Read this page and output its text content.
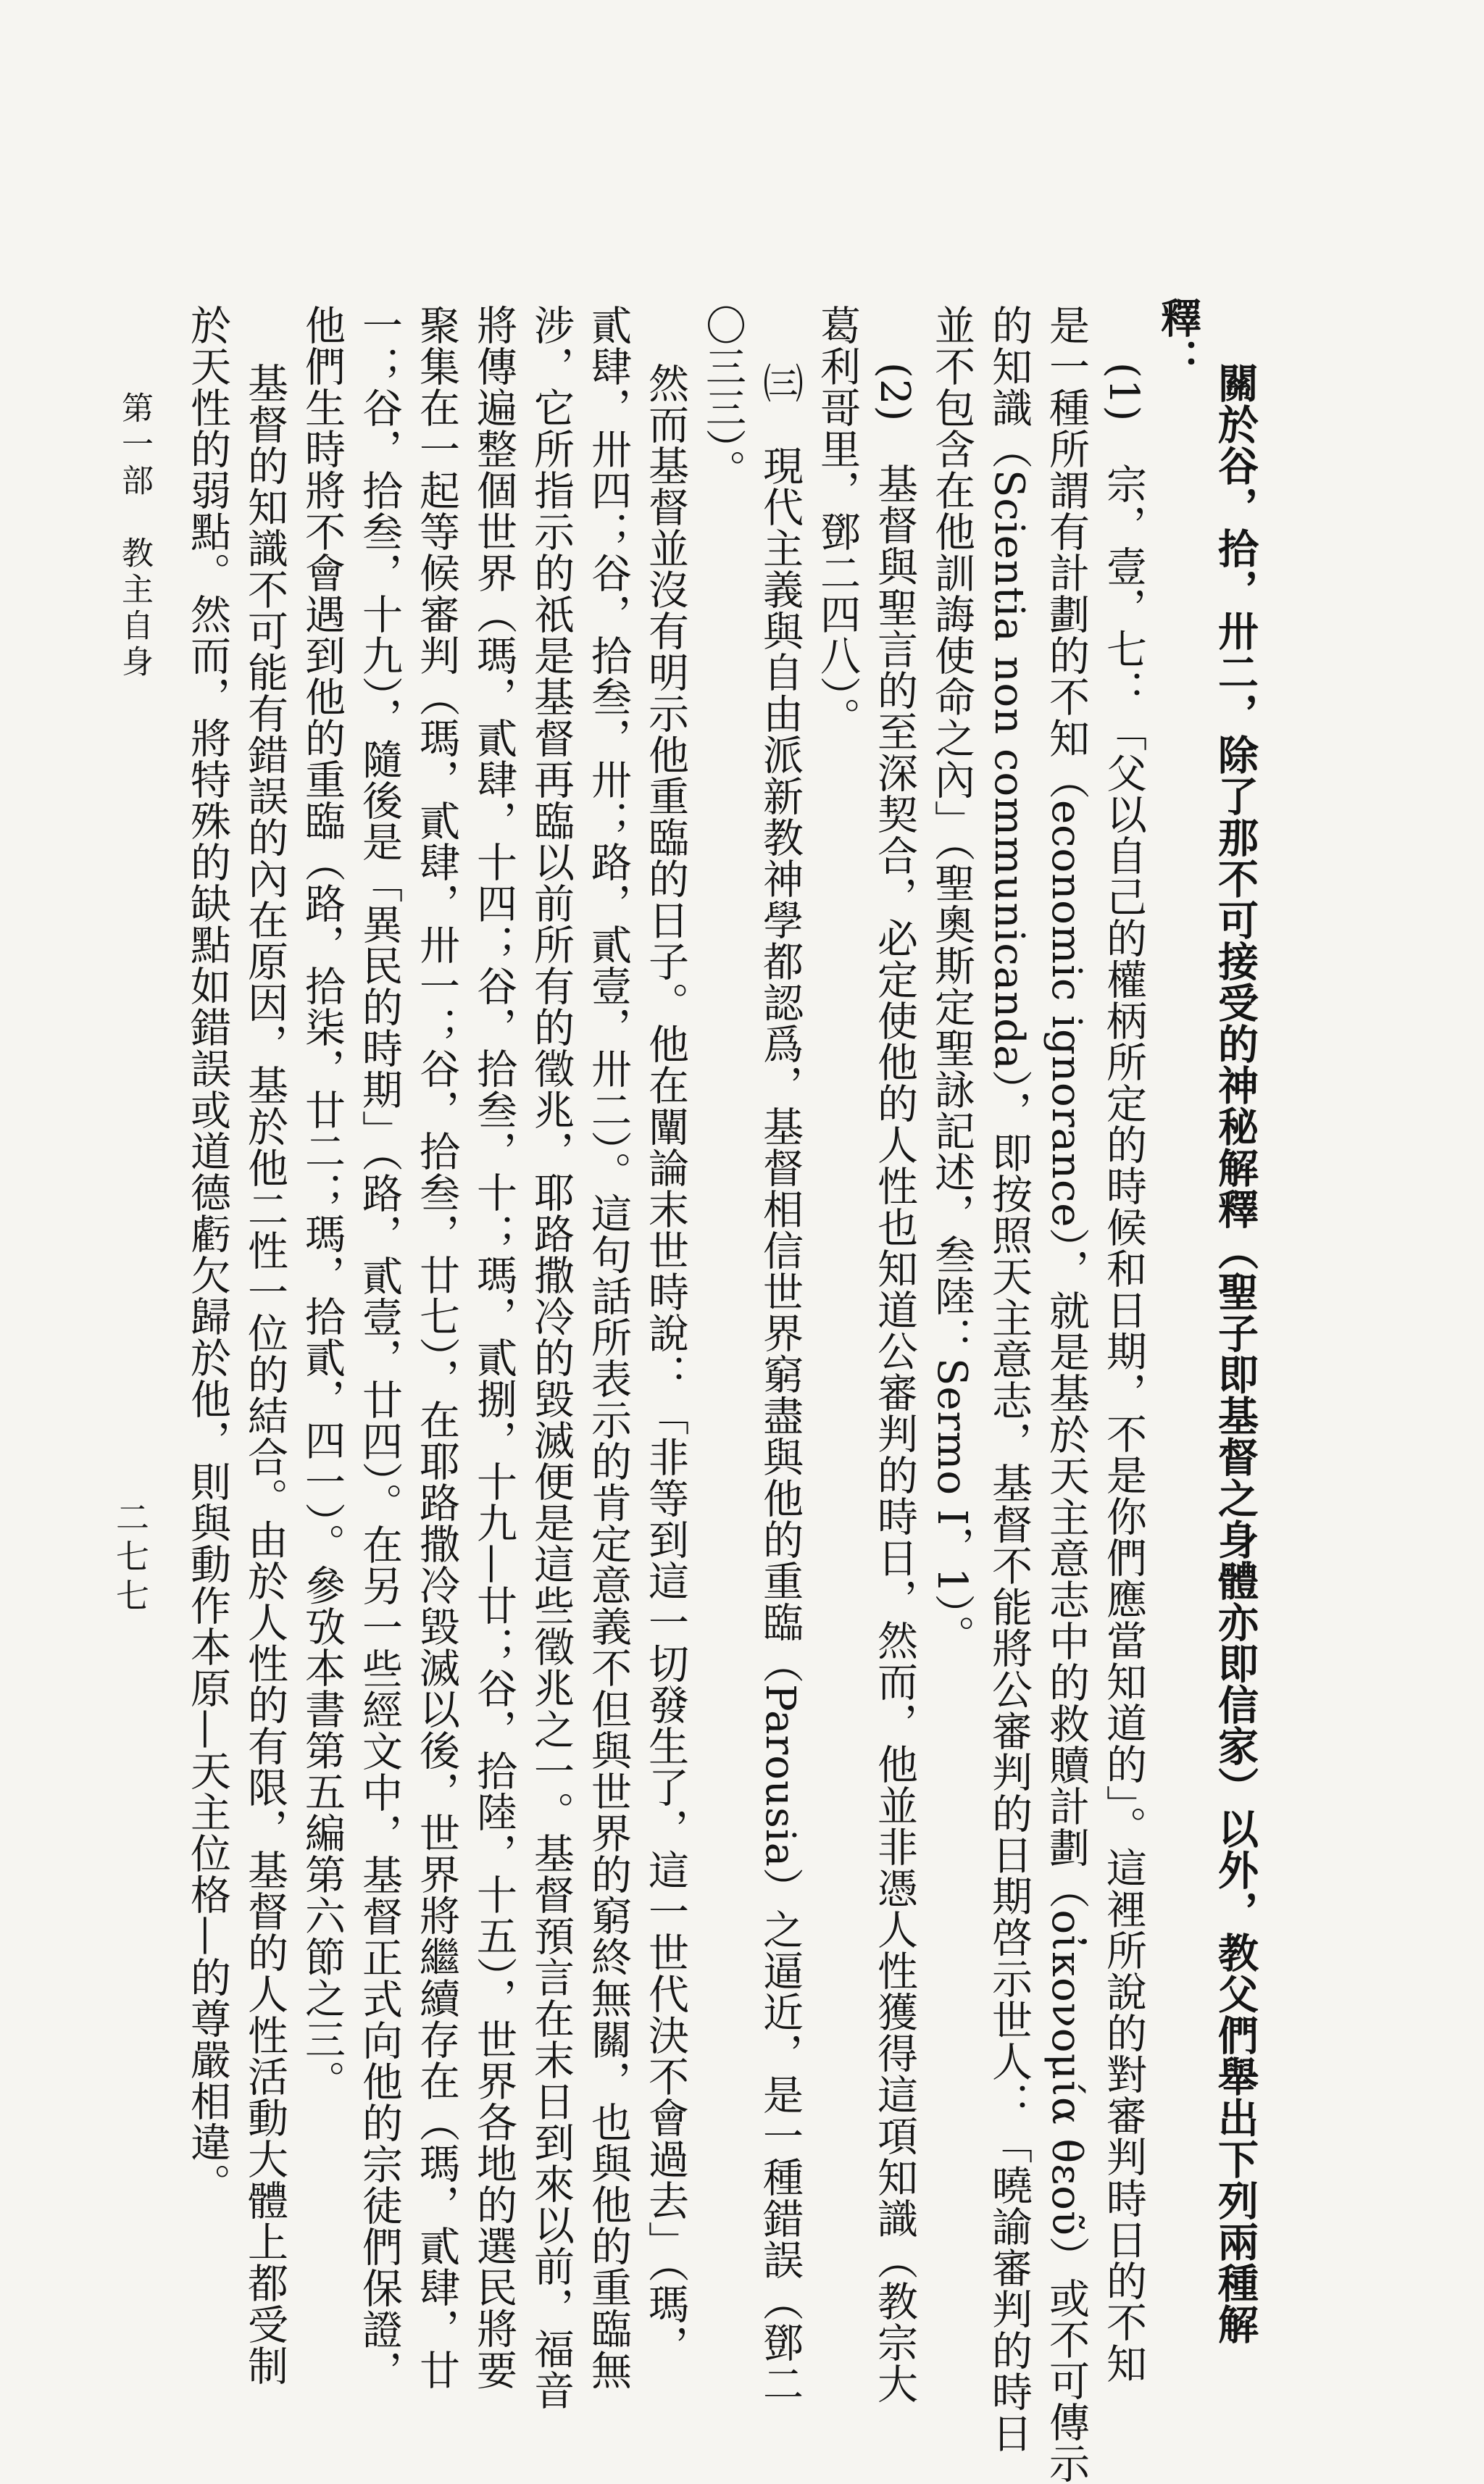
關於谷，拾，卅二，除了那不可接受的神秘解釋（聖子即基督之身體亦即信家）以外，教父們舉出下列兩種解
釋：
(1)　宗，壹，七：「父以自己的權柄所定的時候和日期，不是你們應當知道的」。這裡所說的對審判時日的不知
是一種所謂有計劃的不知（economic ignorance），就是基於天主意志中的救贖計劃（οἰκονομία θεοῦ）或不可傳示
的知識（Scientia non communicanda），即按照天主意志，基督不能將公審判的日期啓示世人：「曉諭審判的時日
並不包含在他訓誨使命之內」（聖奧斯定聖詠記述，叁陸：Sermo I，1）。
(2)　基督與聖言的至深契合，必定使他的人性也知道公審判的時日，然而，他並非憑人性獲得這項知識（教宗大
葛利哥里，鄧二四八）。
㈢　現代主義與自由派新教神學都認爲，基督相信世界窮盡與他的重臨（Parousia）之逼近，是一種錯誤（鄧二
〇三三）。
然而基督並沒有明示他重臨的日子。他在闡論末世時說：「非等到這一切發生了，這一世代決不會過去」（瑪，
貳肆，卅四；谷，拾叁，卅；路，貳壹，卅二）。這句話所表示的肯定意義不但與世界的窮終無關，也與他的重臨無
涉，它所指示的祇是基督再臨以前所有的徵兆，耶路撒冷的毀滅便是這些徵兆之一。基督預言在末日到來以前，福音
將傳遍整個世界（瑪，貳肆，十四；谷，拾叁，十；瑪，貳捌，十九—廿；谷，拾陸，十五），世界各地的選民將要
聚集在一起等候審判（瑪，貳肆，卅一；谷，拾叁，廿七），在耶路撒冷毀滅以後，世界將繼續存在（瑪，貳肆，廿
一；谷，拾叁，十九），隨後是「異民的時期」（路，貳壹，廿四）。在另一些經文中，基督正式向他的宗徒們保證，
他們生時將不會遇到他的重臨（路，拾柒，廿二；瑪，拾貳，四一）。參攷本書第五編第六節之三。
基督的知識不可能有錯誤的內在原因，基於他二性一位的結合。由於人性的有限，基督的人性活動大體上都受制
於天性的弱點。然而，將特殊的缺點如錯誤或道德虧欠歸於他，則與動作本原—天主位格—的尊嚴相違。
第一部　教主自身
二七七
